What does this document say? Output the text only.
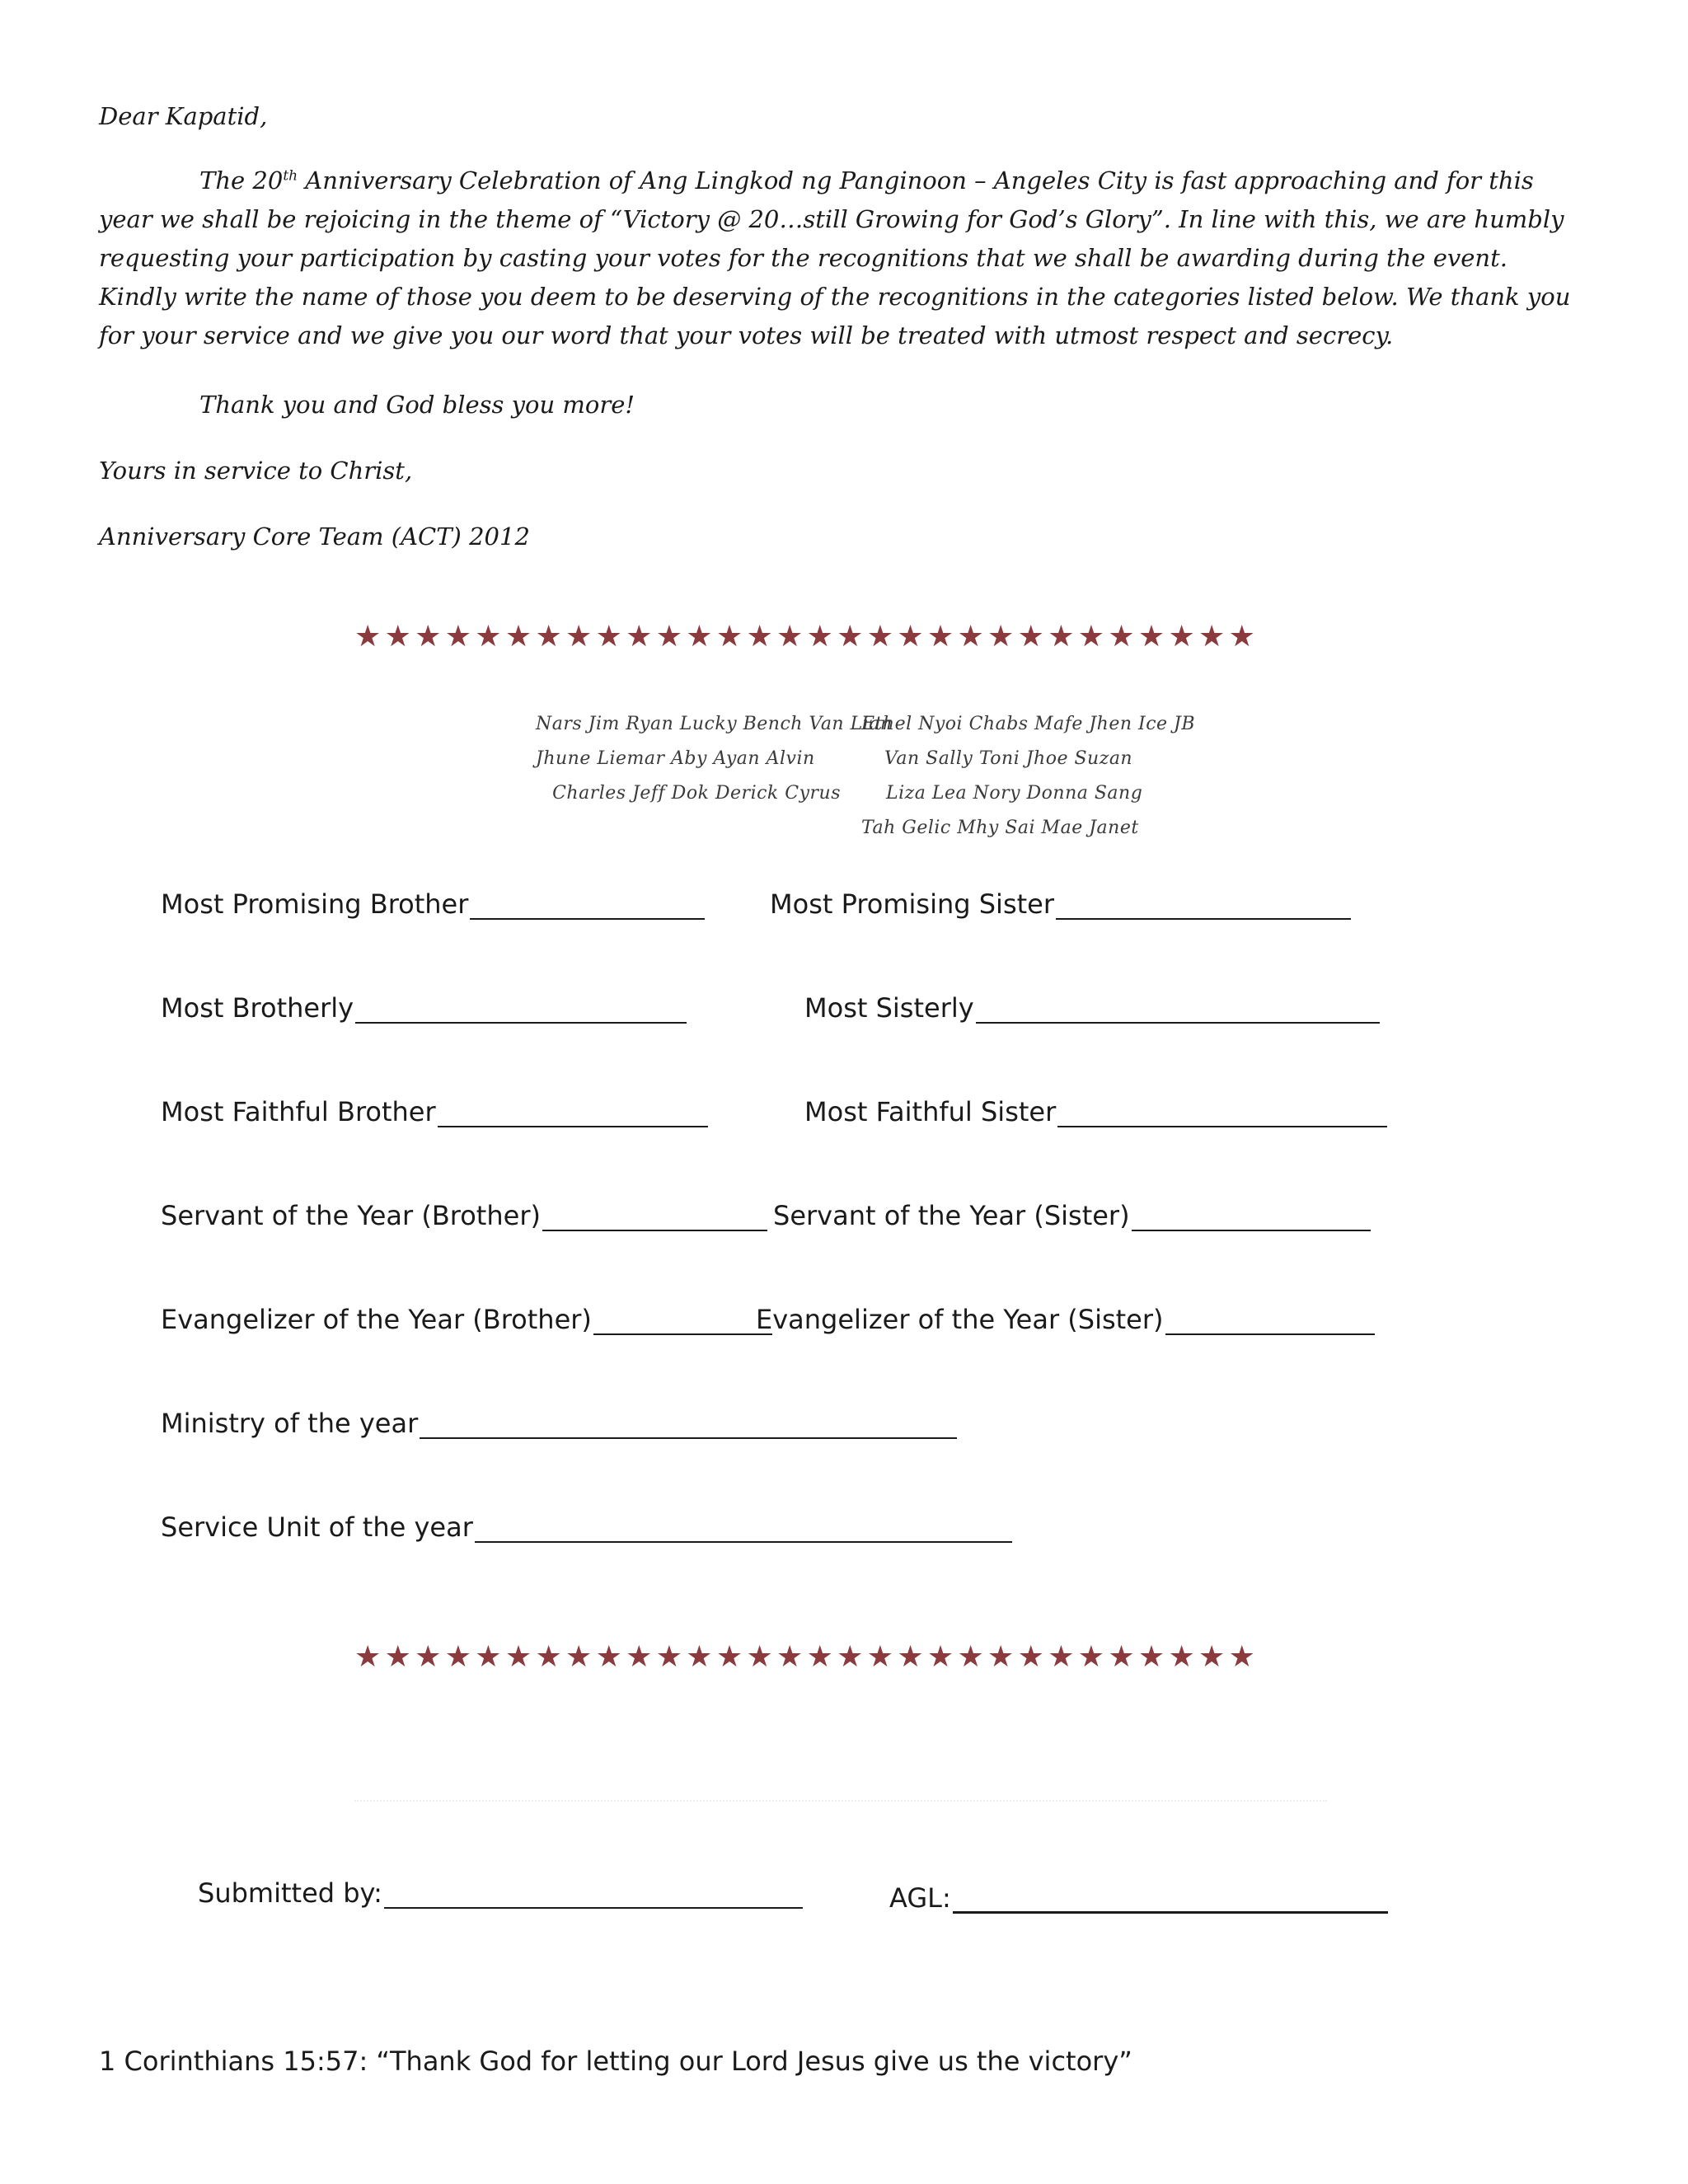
Dear Kapatid,
The 20th Anniversary Celebration of Ang Lingkod ng Panginoon – Angeles City is fast approaching and for this year we shall be rejoicing in the theme of “Victory @ 20…still Growing for God’s Glory”. In line with this, we are humbly requesting your participation by casting your votes for the recognitions that we shall be awarding during the event. Kindly write the name of those you deem to be deserving of the recognitions in the categories listed below. We thank you for your service and we give you our word that your votes will be treated with utmost respect and secrecy.
Thank you and God bless you more!
Yours in service to Christ,
Anniversary Core Team (ACT) 2012
★★★★★★★★★★★★★★★★★★★★★★★★★★★★★★
Nars Jim Ryan Lucky Bench Van Lian
Jhune Liemar Aby Ayan Alvin
Charles Jeff Dok Derick Cyrus
Ethel Nyoi Chabs Mafe Jhen Ice JB
Van Sally Toni Jhoe Suzan
Liza Lea Nory Donna Sang
Tah Gelic Mhy Sai Mae Janet
Most Promising Brother	Most Promising Sister
Most Brotherly	Most Sisterly
Most Faithful Brother	Most Faithful Sister
Servant of the Year (Brother)	Servant of the Year (Sister)
Evangelizer of the Year (Brother)	Evangelizer of the Year (Sister)
Ministry of the year
Service Unit of the year
Submitted by:	AGL:
★★★★★★★★★★★★★★★★★★★★★★★★★★★★★★
1 Corinthians 15:57: “Thank God for letting our Lord Jesus give us the victory”
